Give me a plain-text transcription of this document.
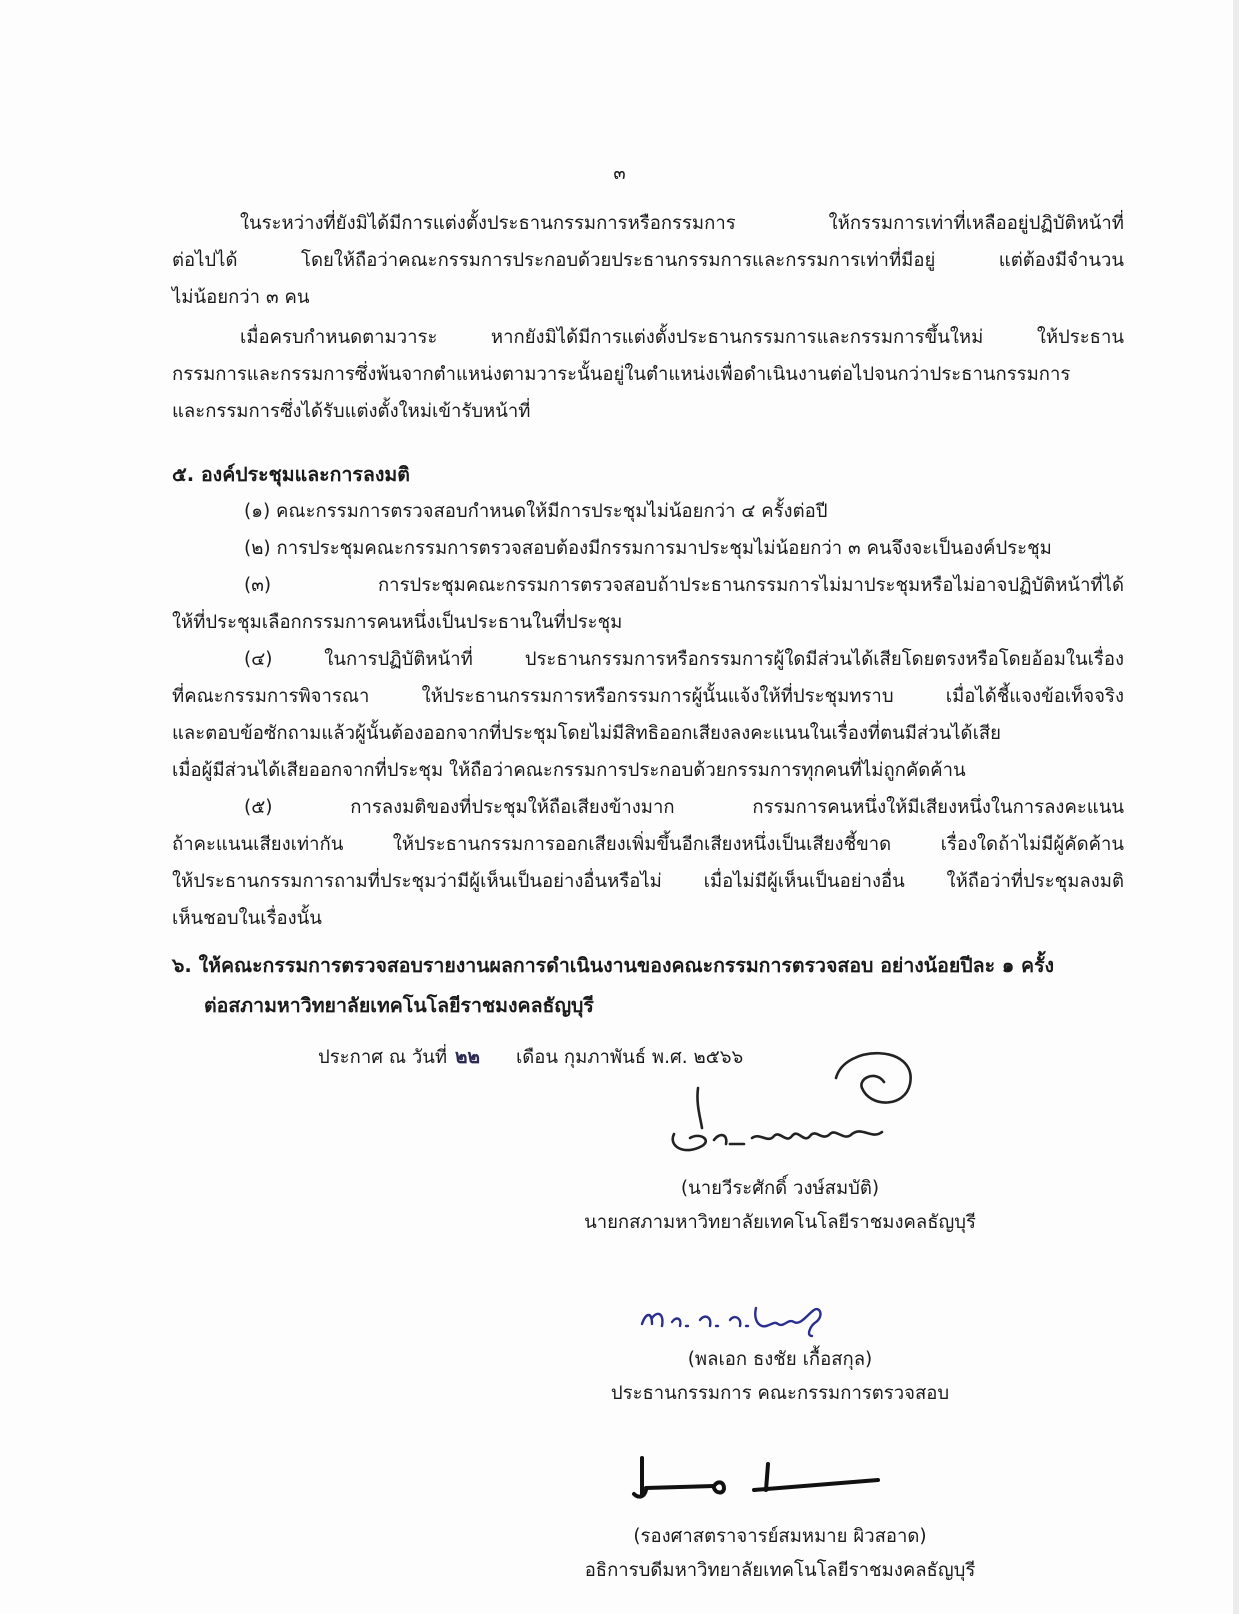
๓
ในระหว่างที่ยังมิได้มีการแต่งตั้งประธานกรรมการหรือกรรมการ ให้กรรมการเท่าที่เหลืออยู่ปฏิบัติหน้าที่
ต่อไปได้ โดยให้ถือว่าคณะกรรมการประกอบด้วยประธานกรรมการและกรรมการเท่าที่มีอยู่ แต่ต้องมีจำนวน
ไม่น้อยกว่า ๓ คน
เมื่อครบกำหนดตามวาระ หากยังมิได้มีการแต่งตั้งประธานกรรมการและกรรมการขึ้นใหม่ ให้ประธาน
กรรมการและกรรมการซึ่งพ้นจากตำแหน่งตามวาระนั้นอยู่ในตำแหน่งเพื่อดำเนินงานต่อไปจนกว่าประธานกรรมการ
และกรรมการซึ่งได้รับแต่งตั้งใหม่เข้ารับหน้าที่
๕. องค์ประชุมและการลงมติ
(๑) คณะกรรมการตรวจสอบกำหนดให้มีการประชุมไม่น้อยกว่า ๔ ครั้งต่อปี
(๒) การประชุมคณะกรรมการตรวจสอบต้องมีกรรมการมาประชุมไม่น้อยกว่า ๓ คนจึงจะเป็นองค์ประชุม
(๓) การประชุมคณะกรรมการตรวจสอบถ้าประธานกรรมการไม่มาประชุมหรือไม่อาจปฏิบัติหน้าที่ได้
ให้ที่ประชุมเลือกกรรมการคนหนึ่งเป็นประธานในที่ประชุม
(๔) ในการปฏิบัติหน้าที่ ประธานกรรมการหรือกรรมการผู้ใดมีส่วนได้เสียโดยตรงหรือโดยอ้อมในเรื่อง
ที่คณะกรรมการพิจารณา ให้ประธานกรรมการหรือกรรมการผู้นั้นแจ้งให้ที่ประชุมทราบ เมื่อได้ชี้แจงข้อเท็จจริง
และตอบข้อซักถามแล้วผู้นั้นต้องออกจากที่ประชุมโดยไม่มีสิทธิออกเสียงลงคะแนนในเรื่องที่ตนมีส่วนได้เสีย
เมื่อผู้มีส่วนได้เสียออกจากที่ประชุม ให้ถือว่าคณะกรรมการประกอบด้วยกรรมการทุกคนที่ไม่ถูกคัดค้าน
(๕) การลงมติของที่ประชุมให้ถือเสียงข้างมาก กรรมการคนหนึ่งให้มีเสียงหนึ่งในการลงคะแนน
ถ้าคะแนนเสียงเท่ากัน ให้ประธานกรรมการออกเสียงเพิ่มขึ้นอีกเสียงหนึ่งเป็นเสียงชี้ขาด เรื่องใดถ้าไม่มีผู้คัดค้าน
ให้ประธานกรรมการถามที่ประชุมว่ามีผู้เห็นเป็นอย่างอื่นหรือไม่ เมื่อไม่มีผู้เห็นเป็นอย่างอื่น ให้ถือว่าที่ประชุมลงมติ
เห็นชอบในเรื่องนั้น
๖. ให้คณะกรรมการตรวจสอบรายงานผลการดำเนินงานของคณะกรรมการตรวจสอบ อย่างน้อยปีละ ๑ ครั้ง
ต่อสภามหาวิทยาลัยเทคโนโลยีราชมงคลธัญบุรี
ประกาศ ณ วันที่ ๒๒ เดือน กุมภาพันธ์ พ.ศ. ๒๕๖๖
(นายวีระศักดิ์ วงษ์สมบัติ)
นายกสภามหาวิทยาลัยเทคโนโลยีราชมงคลธัญบุรี
(พลเอก ธงชัย เกื้อสกุล)
ประธานกรรมการ คณะกรรมการตรวจสอบ
(รองศาสตราจารย์สมหมาย ผิวสอาด)
อธิการบดีมหาวิทยาลัยเทคโนโลยีราชมงคลธัญบุรี
